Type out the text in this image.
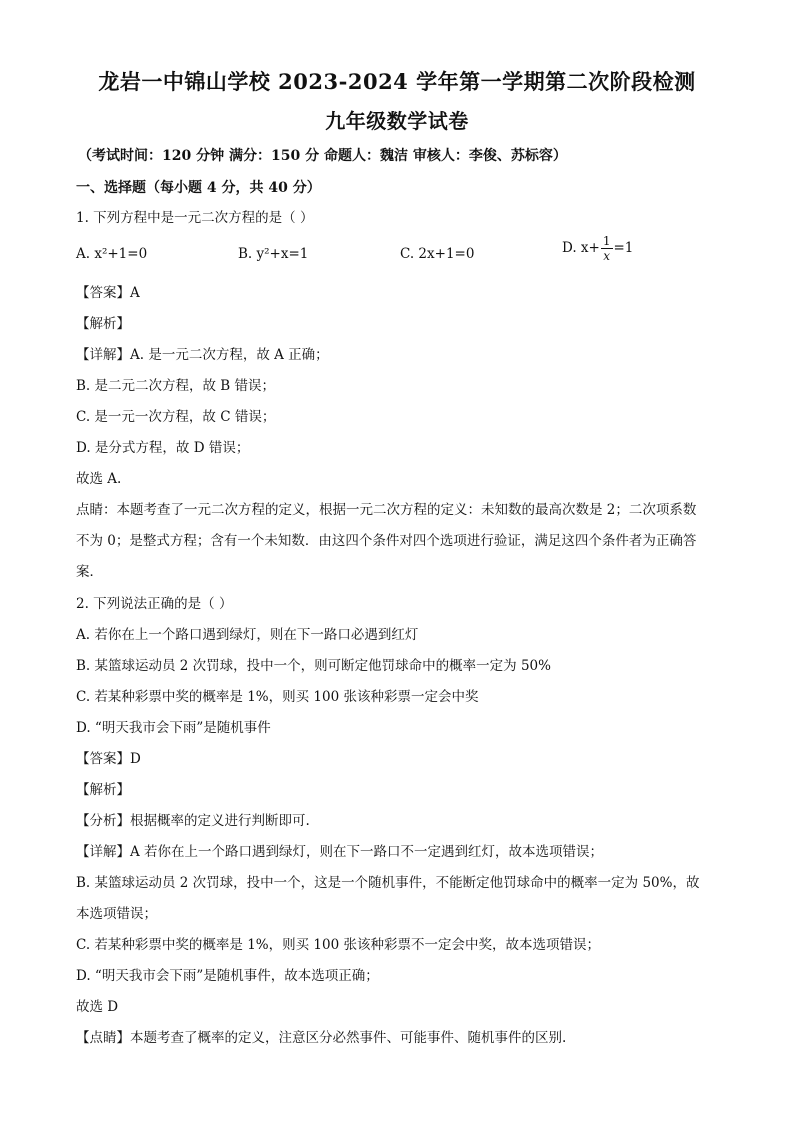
龙岩一中锦山学校 2023-2024 学年第一学期第二次阶段检测
九年级数学试卷
（考试时间：120 分钟 满分：150 分 命题人：魏洁 审核人：李俊、苏标容）
一、选择题（每小题 4 分，共 40 分）
1. 下列方程中是一元二次方程的是（ ）
A. x²+1=0	B. y²+x=1	C. 2x+1=0	D. $x+ \frac{1}{x} =1$
【答案】A
【解析】
【详解】A. 是一元二次方程，故 A 正确；
B. 是二元二次方程，故 B 错误；
C. 是一元一次方程，故 C 错误；
D. 是分式方程，故 D 错误；
故选 A.
点睛：本题考查了一元二次方程的定义，根据一元二次方程的定义：未知数的最高次数是 2；二次项系数
不为 0；是整式方程；含有一个未知数．由这四个条件对四个选项进行验证，满足这四个条件者为正确答
案．
2. 下列说法正确的是（ ）
A. 若你在上一个路口遇到绿灯，则在下一路口必遇到红灯
B. 某篮球运动员 2 次罚球，投中一个，则可断定他罚球命中的概率一定为 50%
C. 若某种彩票中奖的概率是 1%，则买 100 张该种彩票一定会中奖
D. “明天我市会下雨”是随机事件
【答案】D
【解析】
【分析】根据概率的定义进行判断即可.
【详解】A 若你在上一个路口遇到绿灯，则在下一路口不一定遇到红灯，故本选项错误；
B. 某篮球运动员 2 次罚球，投中一个，这是一个随机事件，不能断定他罚球命中的概率一定为 50%，故
本选项错误；
C. 若某种彩票中奖的概率是 1%，则买 100 张该种彩票不一定会中奖，故本选项错误；
D. “明天我市会下雨”是随机事件，故本选项正确；
故选 D
【点睛】本题考查了概率的定义，注意区分必然事件、可能事件、随机事件的区别.
